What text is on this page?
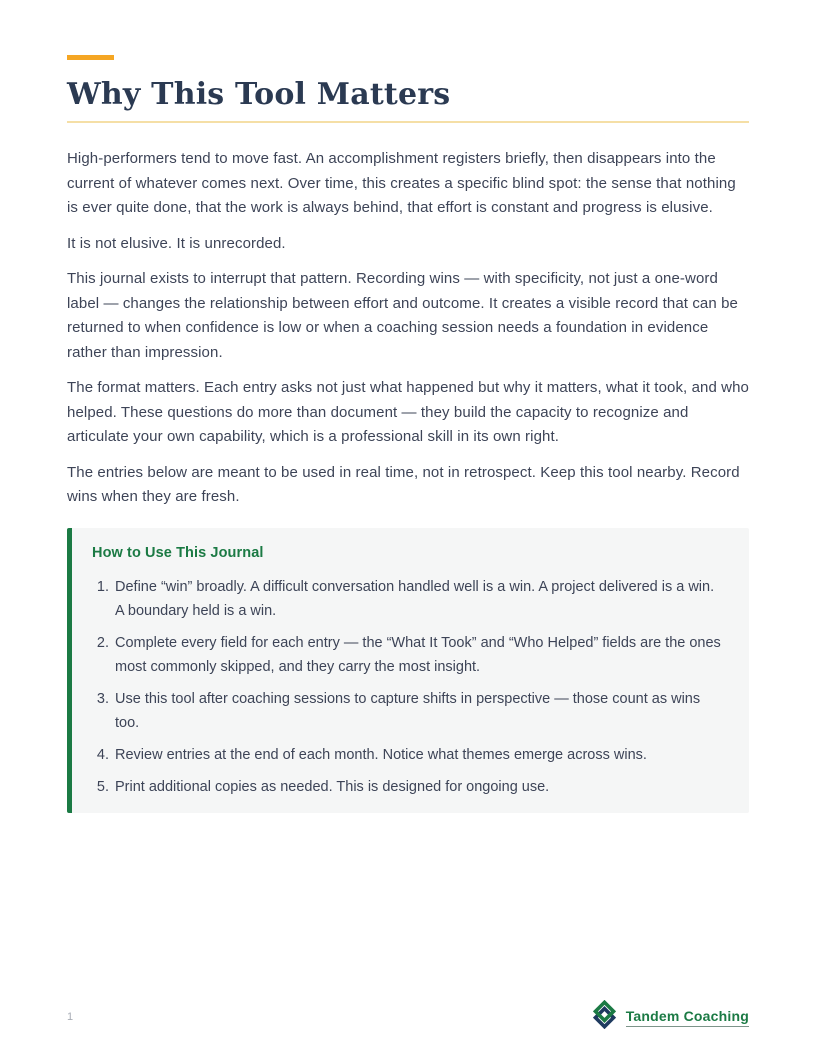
Why This Tool Matters

High-performers tend to move fast. An accomplishment registers briefly, then disappears into the current of whatever comes next. Over time, this creates a specific blind spot: the sense that nothing is ever quite done, that the work is always behind, that effort is constant and progress is elusive.

It is not elusive. It is unrecorded.

This journal exists to interrupt that pattern. Recording wins — with specificity, not just a one-word label — changes the relationship between effort and outcome. It creates a visible record that can be returned to when confidence is low or when a coaching session needs a foundation in evidence rather than impression.

The format matters. Each entry asks not just what happened but why it matters, what it took, and who helped. These questions do more than document — they build the capacity to recognize and articulate your own capability, which is a professional skill in its own right.

The entries below are meant to be used in real time, not in retrospect. Keep this tool nearby. Record wins when they are fresh.

How to Use This Journal
1. Define “win” broadly. A difficult conversation handled well is a win. A project delivered is a win. A boundary held is a win.
2. Complete every field for each entry — the “What It Took” and “Who Helped” fields are the ones most commonly skipped, and they carry the most insight.
3. Use this tool after coaching sessions to capture shifts in perspective — those count as wins too.
4. Review entries at the end of each month. Notice what themes emerge across wins.
5. Print additional copies as needed. This is designed for ongoing use.
1	Tandem Coaching
